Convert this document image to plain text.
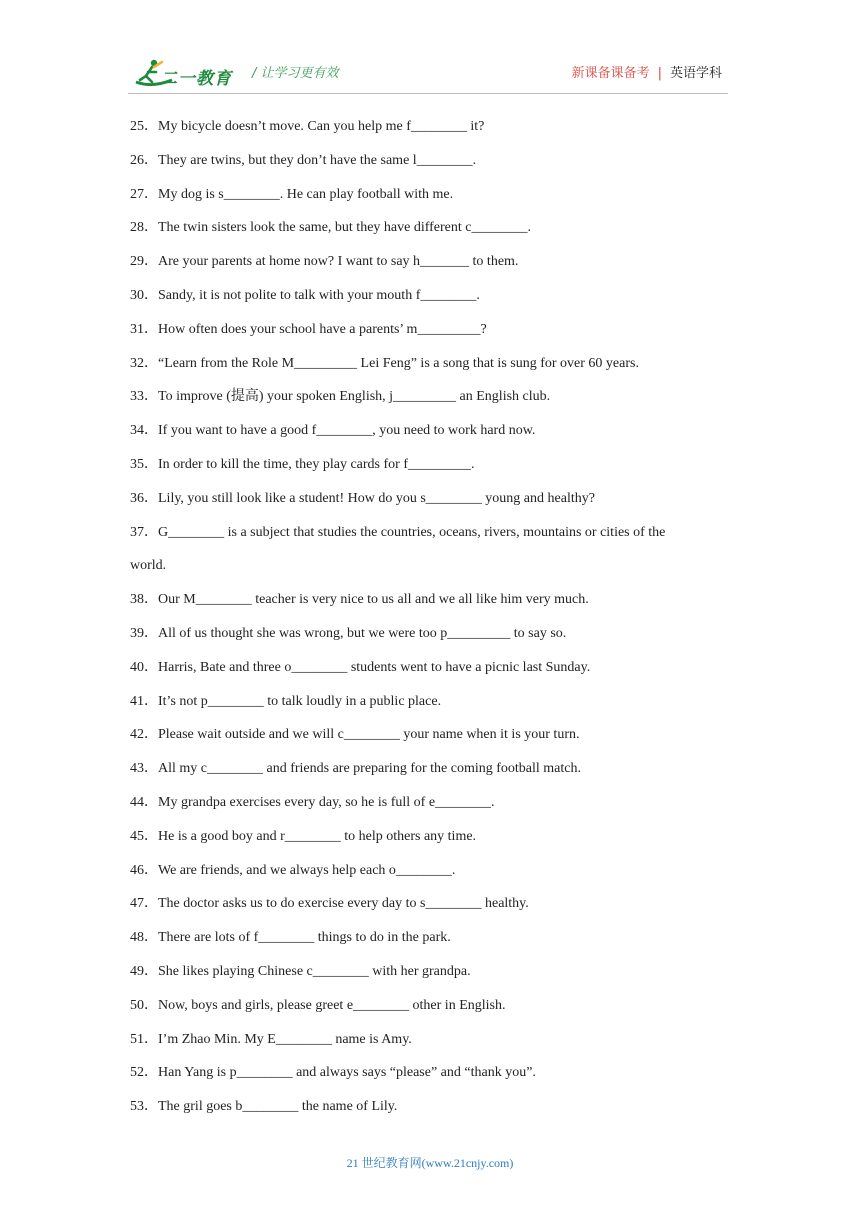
二一教育 / 让学习更有效	新课备课备考 | 英语学科
25．My bicycle doesn’t move. Can you help me f________ it?
26．They are twins, but they don’t have the same l________.
27．My dog is s________. He can play football with me.
28．The twin sisters look the same, but they have different c________.
29．Are your parents at home now? I want to say h_______ to them.
30．Sandy, it is not polite to talk with your mouth f________.
31．How often does your school have a parents’ m_________?
32．“Learn from the Role M_________ Lei Feng” is a song that is sung for over 60 years.
33．To improve (提高) your spoken English, j_________ an English club.
34．If you want to have a good f________, you need to work hard now.
35．In order to kill the time, they play cards for f_________.
36．Lily, you still look like a student! How do you s________ young and healthy?
37．G________ is a subject that studies the countries, oceans, rivers, mountains or cities of the
world.
38．Our M________ teacher is very nice to us all and we all like him very much.
39．All of us thought she was wrong, but we were too p_________ to say so.
40．Harris, Bate and three o________ students went to have a picnic last Sunday.
41．It’s not p________ to talk loudly in a public place.
42．Please wait outside and we will c________ your name when it is your turn.
43．All my c________ and friends are preparing for the coming football match.
44．My grandpa exercises every day, so he is full of e________.
45．He is a good boy and r________ to help others any time.
46．We are friends, and we always help each o________.
47．The doctor asks us to do exercise every day to s________ healthy.
48．There are lots of f________ things to do in the park.
49．She likes playing Chinese c________ with her grandpa.
50．Now, boys and girls, please greet e________ other in English.
51．I’m Zhao Min. My E________ name is Amy.
52．Han Yang is p________ and always says “please” and “thank you”.
53．The gril goes b________ the name of Lily.
21 世纪教育网(www.21cnjy.com)
